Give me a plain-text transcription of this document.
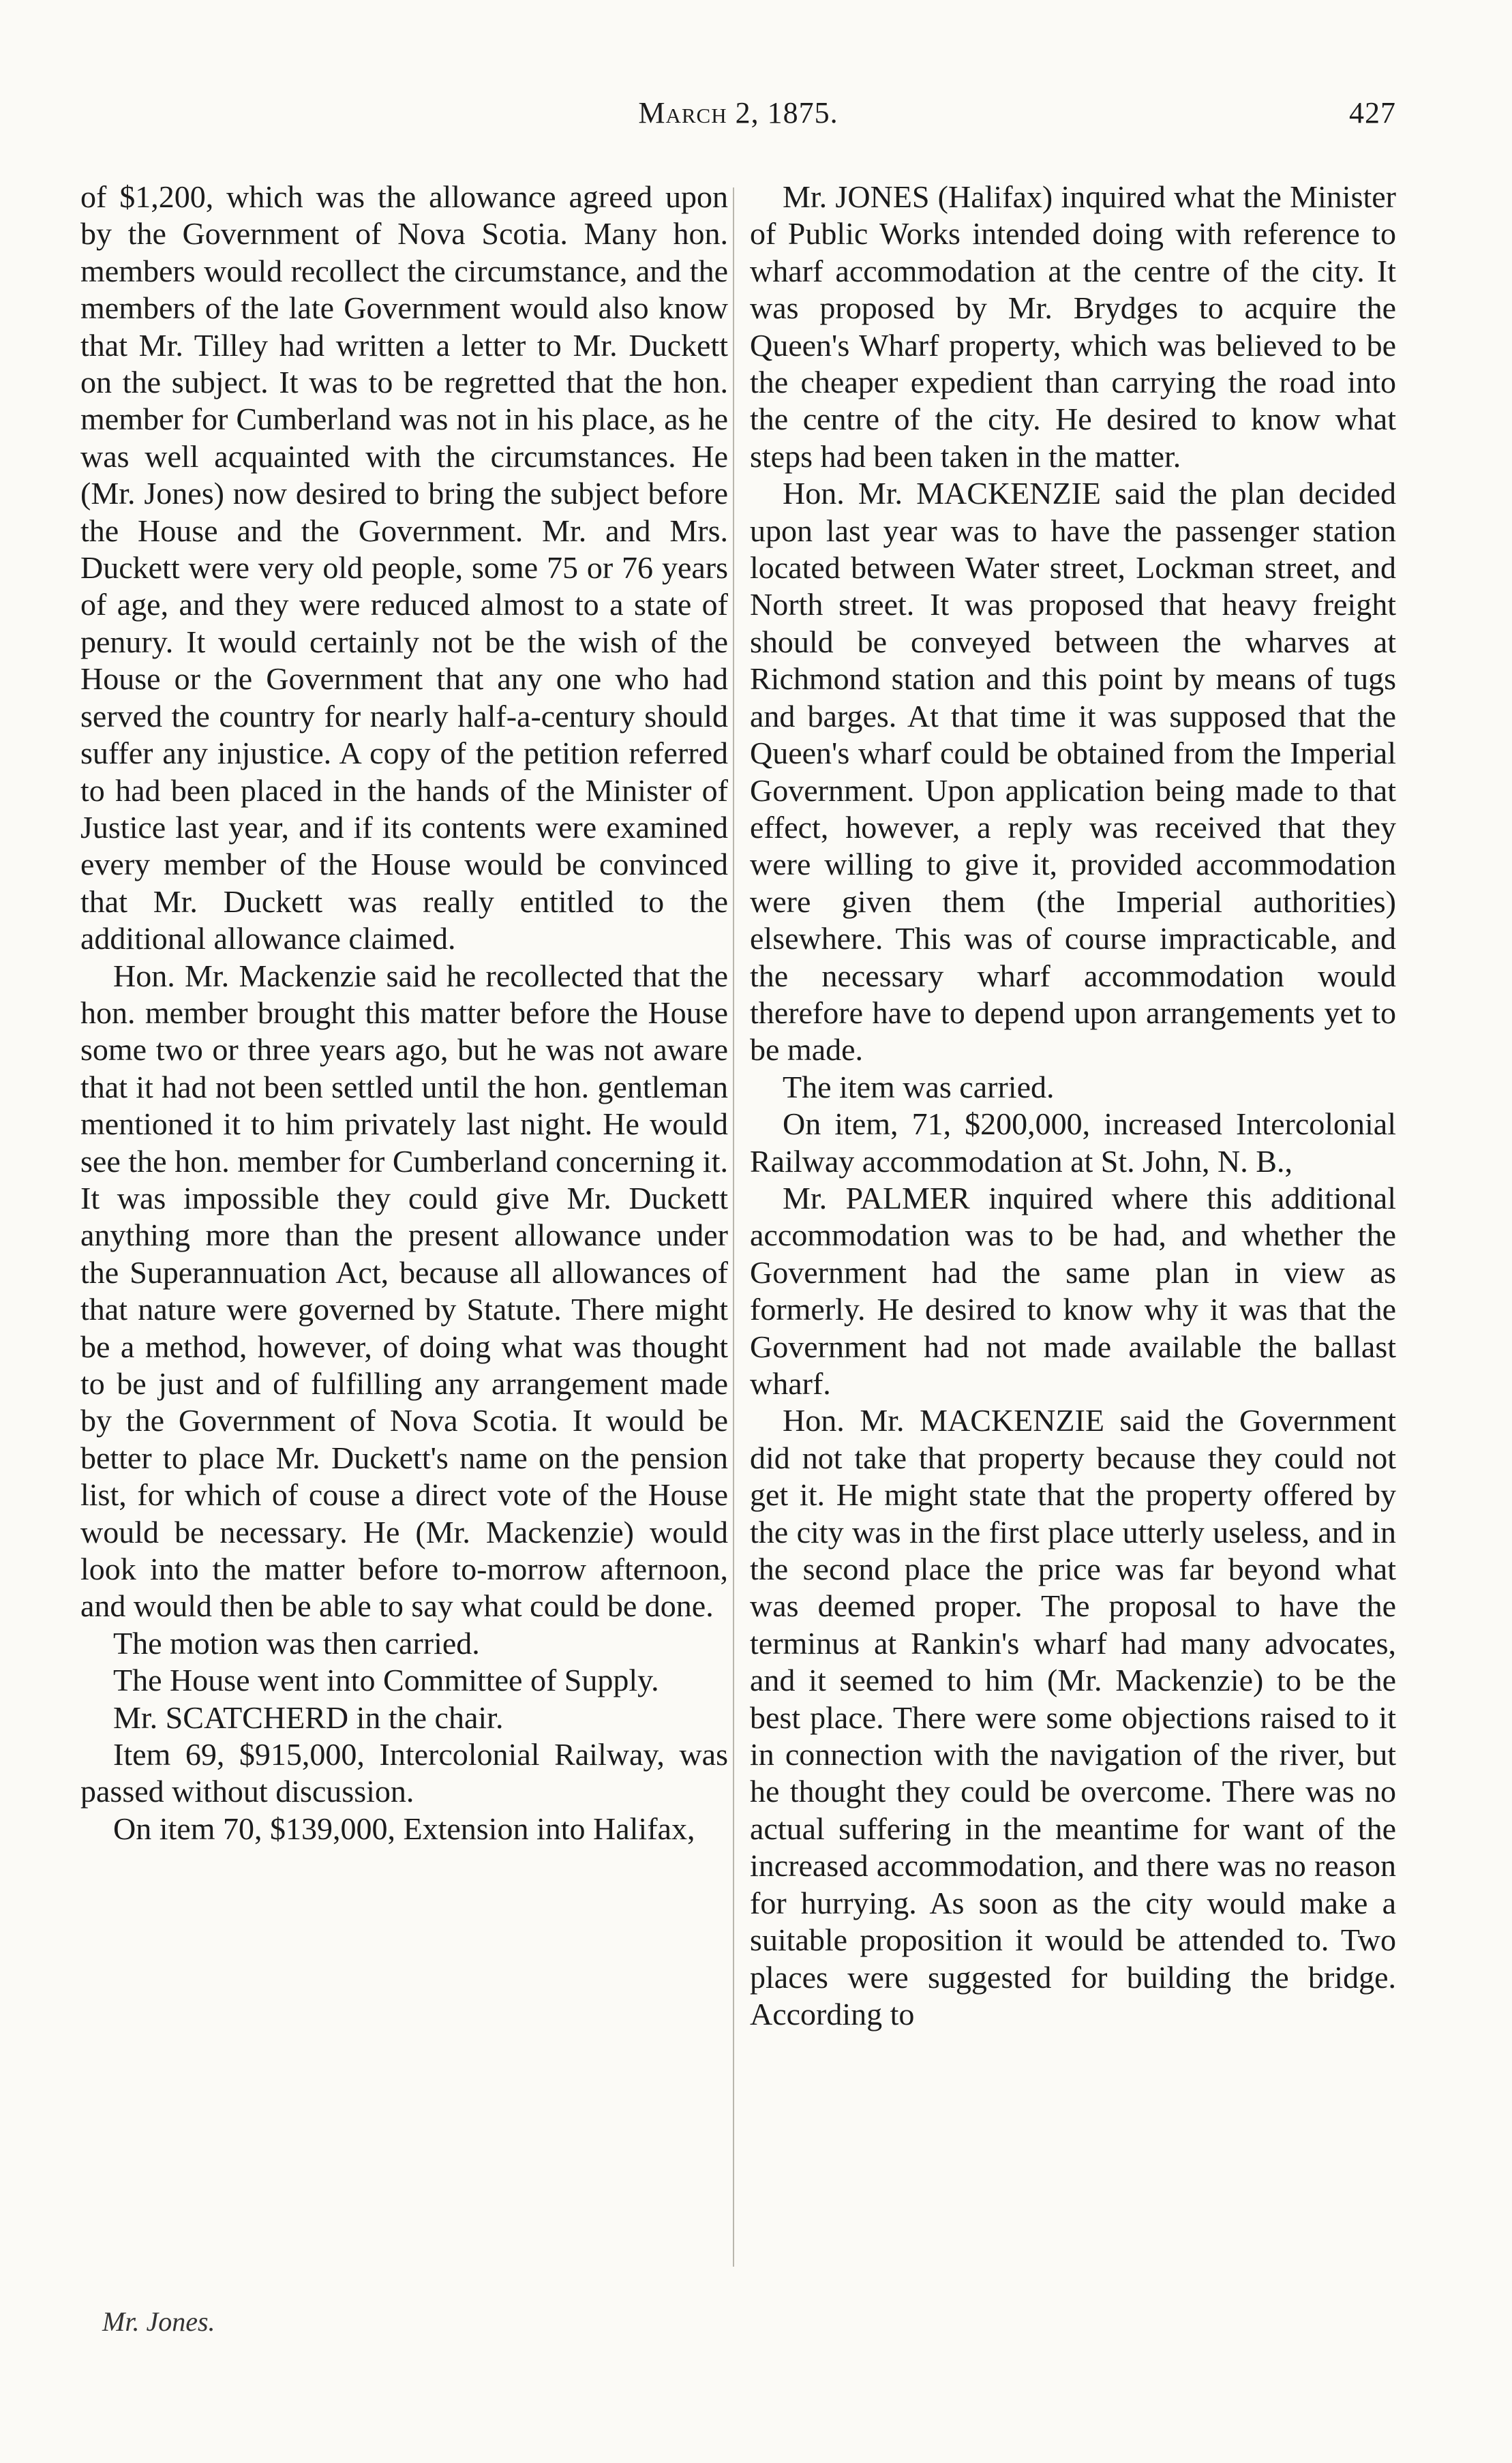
March 2, 1875.	427

of $1,200, which was the allowance agreed upon by the Government of Nova Scotia. Many hon. members would recollect the circumstance, and the members of the late Government would also know that Mr. Tilley had written a letter to Mr. Duckett on the subject. It was to be regretted that the hon. member for Cumberland was not in his place, as he was well acquainted with the circumstances. He (Mr. Jones) now desired to bring the subject before the House and the Government. Mr. and Mrs. Duckett were very old people, some 75 or 76 years of age, and they were reduced almost to a state of penury. It would certainly not be the wish of the House or the Government that any one who had served the country for nearly half-a-century should suffer any injustice. A copy of the petition referred to had been placed in the hands of the Minister of Justice last year, and if its contents were examined every member of the House would be convinced that Mr. Duckett was really entitled to the additional allowance claimed.

Hon. Mr. Mackenzie said he recollected that the hon. member brought this matter before the House some two or three years ago, but he was not aware that it had not been settled until the hon. gentleman mentioned it to him privately last night. He would see the hon. member for Cumberland concerning it. It was impossible they could give Mr. Duckett anything more than the present allowance under the Superannuation Act, because all allowances of that nature were governed by Statute. There might be a method, however, of doing what was thought to be just and of fulfilling any arrangement made by the Government of Nova Scotia. It would be better to place Mr. Duckett's name on the pension list, for which of couse a direct vote of the House would be necessary. He (Mr. Mackenzie) would look into the matter before to-morrow afternoon, and would then be able to say what could be done.

The motion was then carried.

The House went into Committee of Supply.

Mr. SCATCHERD in the chair.

Item 69, $915,000, Intercolonial Railway, was passed without discussion.

On item 70, $139,000, Extension into Halifax,

Mr. JONES (Halifax) inquired what the Minister of Public Works intended doing with reference to wharf accommodation at the centre of the city. It was proposed by Mr. Brydges to acquire the Queen's Wharf property, which was believed to be the cheaper expedient than carrying the road into the centre of the city. He desired to know what steps had been taken in the matter.

Hon. Mr. MACKENZIE said the plan decided upon last year was to have the passenger station located between Water street, Lockman street, and North street. It was proposed that heavy freight should be conveyed between the wharves at Richmond station and this point by means of tugs and barges. At that time it was supposed that the Queen's wharf could be obtained from the Imperial Government. Upon application being made to that effect, however, a reply was received that they were willing to give it, provided accommodation were given them (the Imperial authorities) elsewhere. This was of course impracticable, and the necessary wharf accommodation would therefore have to depend upon arrangements yet to be made.

The item was carried.

On item, 71, $200,000, increased Intercolonial Railway accommodation at St. John, N. B.,

Mr. PALMER inquired where this additional accommodation was to be had, and whether the Government had the same plan in view as formerly. He desired to know why it was that the Government had not made available the ballast wharf.

Hon. Mr. MACKENZIE said the Government did not take that property because they could not get it. He might state that the property offered by the city was in the first place utterly useless, and in the second place the price was far beyond what was deemed proper. The proposal to have the terminus at Rankin's wharf had many advocates, and it seemed to him (Mr. Mackenzie) to be the best place. There were some objections raised to it in connection with the navigation of the river, but he thought they could be overcome. There was no actual suffering in the meantime for want of the increased accommodation, and there was no reason for hurrying. As soon as the city would make a suitable proposition it would be attended to. Two places were suggested for building the bridge. According to

Mr. Jones.
